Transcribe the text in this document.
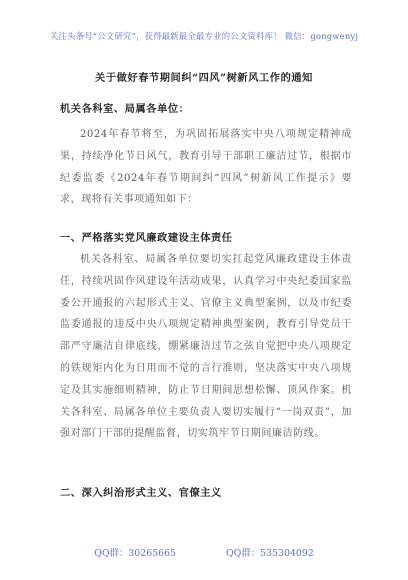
关注头条号“公文研究”，获得最新最全最专业的公文资料库！ 微信：gongwenyj
关于做好春节期间纠“四风”树新风工作的通知
机关各科室、局属各单位：

2024年春节将至，为巩固拓展落实中央八项规定精神成果，持续净化节日风气，教育引导干部职工廉洁过节，根据市纪委监委《2024年春节期间纠“四风”树新风工作提示》要求，现将有关事项通知如下：

一、严格落实党风廉政建设主体责任

机关各科室、局属各单位要切实扛起党风廉政建设主体责任，持续巩固作风建设年活动成果，认真学习中央纪委国家监委公开通报的六起形式主义、官僚主义典型案例，以及市纪委监委通报的违反中央八项规定精神典型案例，教育引导党员干部严守廉洁自律底线，绷紧廉洁过节之弦自觉把中央八项规定的铁规矩内化为日用而不觉的言行准则，坚决落实中央八项规定及其实施细则精神，防止节日期间思想松懈、顶风作案。机关各科室、局属各单位主要负责人要切实履行“一岗双责”，加强对部门干部的提醒监督，切实筑牢节日期间廉洁防线。

二、深入纠治形式主义、官僚主义
QQ群：30265665	QQ群：535304092
